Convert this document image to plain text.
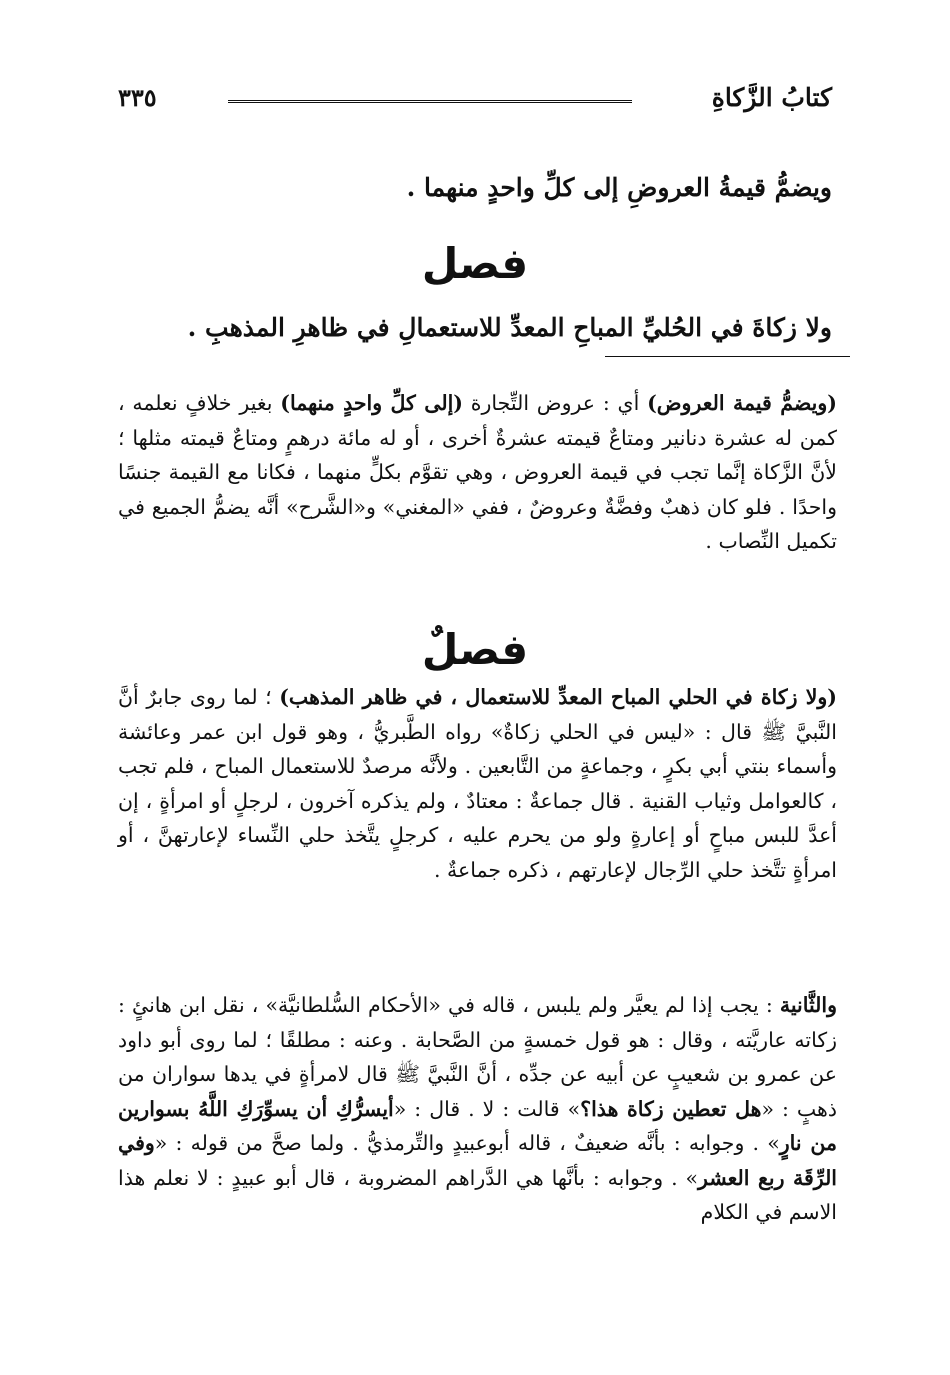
كتابُ الزَّكاةِ
٣٣٥
ويضمُّ قيمةُ العروضِ إلى كلِّ واحدٍ منهما .
فصل
ولا زكاةَ في الحُليِّ المباحِ المعدِّ للاستعمالِ في ظاهرِ المذهبِ .
(ويضمُّ قيمة العروض) أي : عروض التِّجارة (إلى كلِّ واحدٍ منهما) بغير خلافٍ نعلمه ، كمن له عشرة دنانير ومتاعٌ قيمته عشرةٌ أخرى ، أو له مائة درهمٍ ومتاعٌ قيمته مثلها ؛ لأنَّ الزَّكاة إنَّما تجب في قيمة العروض ، وهي تقوَّم بكلٍّ منهما ، فكانا مع القيمة جنسًا واحدًا . فلو كان ذهبٌ وفضَّةٌ وعروضٌ ، ففي «المغني» و«الشَّرح» أنَّه يضمُّ الجميع في تكميل النِّصاب .
فصلٌ
(ولا زكاة في الحلي المباح المعدِّ للاستعمال ، في ظاهر المذهب) ؛ لما روى جابرٌ أنَّ النَّبيَّ ﷺ قال : «ليس في الحلي زكاةٌ» رواه الطَّبريُّ ، وهو قول ابن عمر وعائشة وأسماء بنتي أبي بكرٍ ، وجماعةٍ من التَّابعين . ولأنَّه مرصدٌ للاستعمال المباح ، فلم تجب ، كالعوامل وثياب القنية . قال جماعةٌ : معتادٌ ، ولم يذكره آخرون ، لرجلٍ أو امرأةٍ ، إن أعدَّ للبس مباحٍ أو إعارةٍ ولو من يحرم عليه ، كرجلٍ يتَّخذ حلي النِّساء لإعارتهنَّ ، أو امرأةٍ تتَّخذ حلي الرِّجال لإعارتهم ، ذكره جماعةٌ .
والثَّانية : يجب إذا لم يعيَّر ولم يلبس ، قاله في «الأحكام السُّلطانيَّة» ، نقل ابن هانئٍ : زكاته عاريَّته ، وقال : هو قول خمسةٍ من الصَّحابة . وعنه : مطلقًا ؛ لما روى أبو داود عن عمرو بن شعيبٍ عن أبيه عن جدِّه ، أنَّ النَّبيَّ ﷺ قال لامرأةٍ في يدها سواران من ذهبٍ : «هل تعطين زكاة هذا؟» قالت : لا . قال : «أيسرُّكِ أن يسوِّرَكِ اللَّهُ بسوارين من نارٍ» . وجوابه : بأنَّه ضعيفٌ ، قاله أبوعبيدٍ والتِّرمذيُّ . ولما صحَّ من قوله : «وفي الرِّقَة ربع العشر» . وجوابه : بأنَّها هي الدَّراهم المضروبة ، قال أبو عبيدٍ : لا نعلم هذا الاسم في الكلام
